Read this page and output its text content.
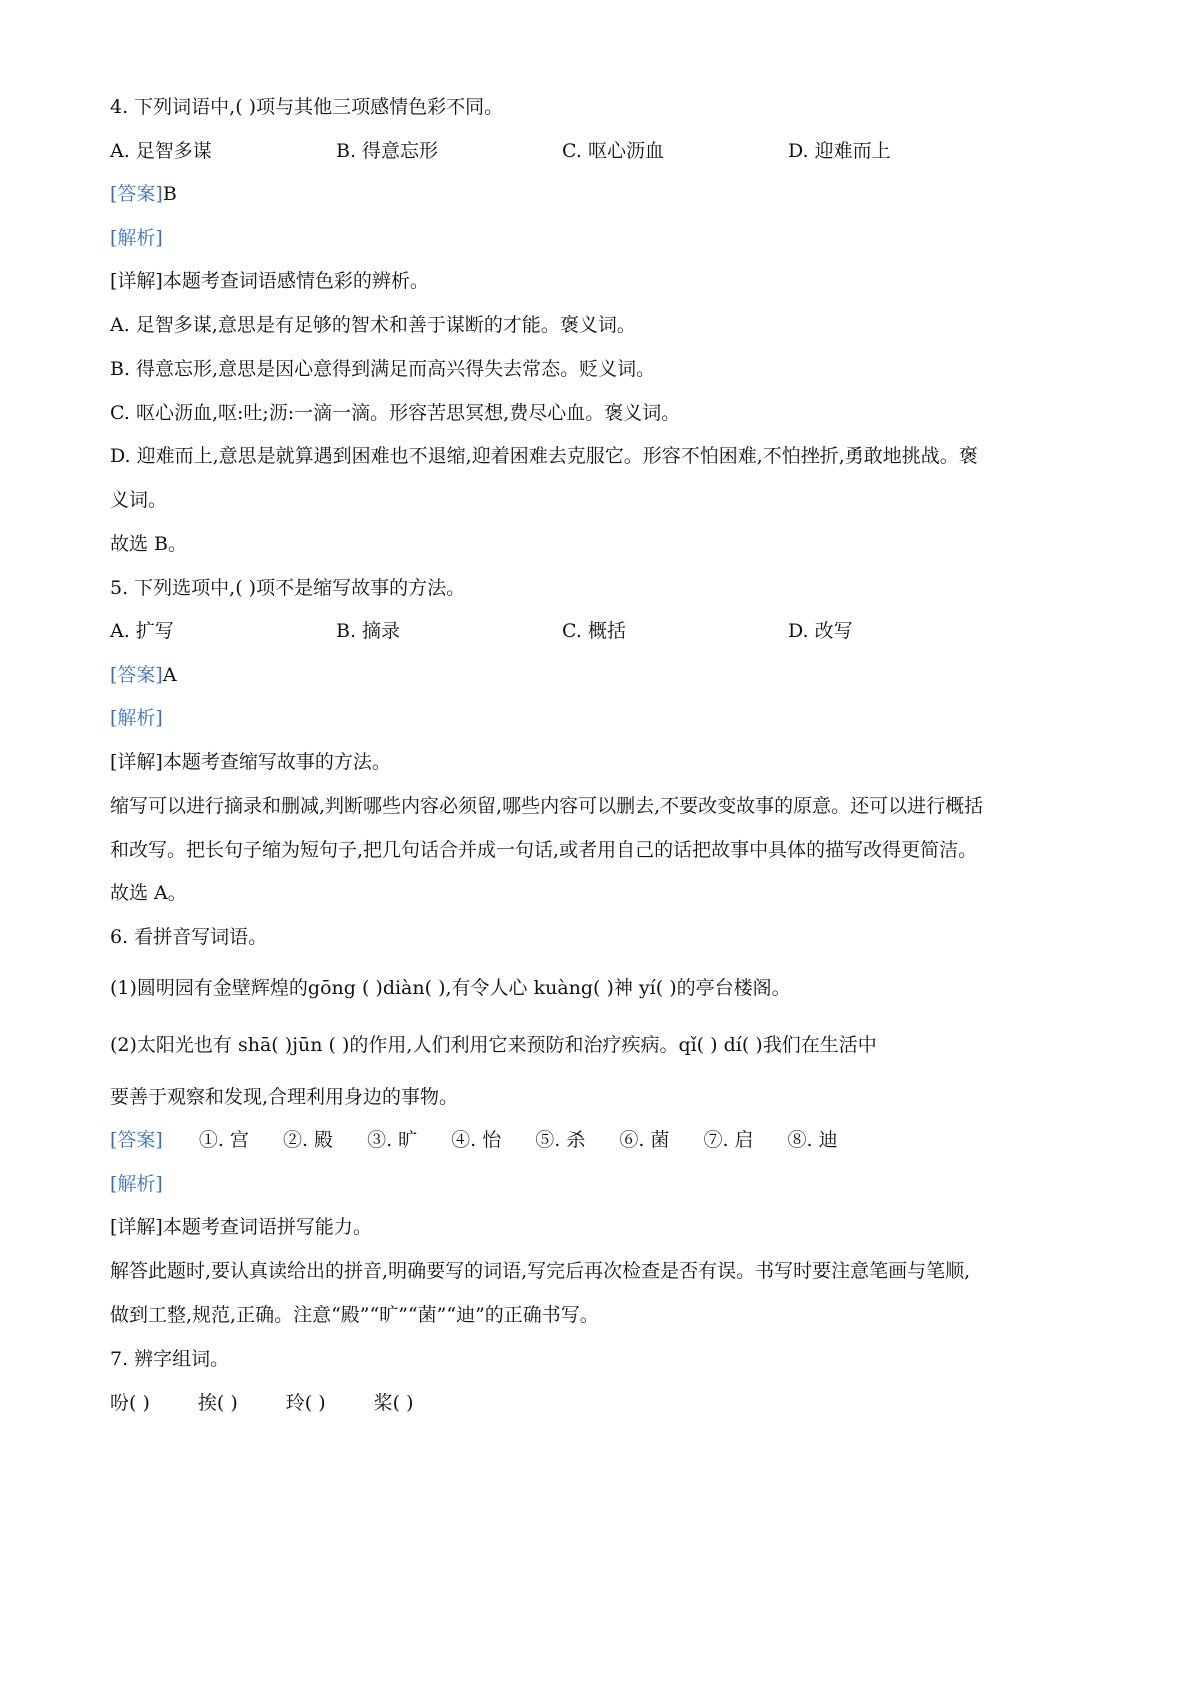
4. 下列词语中,( )项与其他三项感情色彩不同。
A. 足智多谋	B. 得意忘形	C. 呕心沥血	D. 迎难而上
[答案]B
[解析]
[详解]本题考查词语感情色彩的辨析。
A. 足智多谋,意思是有足够的智术和善于谋断的才能。褒义词。
B. 得意忘形,意思是因心意得到满足而高兴得失去常态。贬义词。
C. 呕心沥血,呕:吐;沥:一滴一滴。形容苦思冥想,费尽心血。褒义词。
D. 迎难而上,意思是就算遇到困难也不退缩,迎着困难去克服它。形容不怕困难,不怕挫折,勇敢地挑战。褒
义词。
故选 B。
5. 下列选项中,( )项不是缩写故事的方法。
A. 扩写	B. 摘录	C. 概括	D. 改写
[答案]A
[解析]
[详解]本题考查缩写故事的方法。
缩写可以进行摘录和删减,判断哪些内容必须留,哪些内容可以删去,不要改变故事的原意。还可以进行概括
和改写。把长句子缩为短句子,把几句话合并成一句话,或者用自己的话把故事中具体的描写改得更简洁。
故选 A。
6. 看拼音写词语。
(1)圆明园有金壁辉煌的gōng ( )diàn( ),有令人心 kuàng( )神 yí( )的亭台楼阁。
(2)太阳光也有 shā( )jūn ( )的作用,人们利用它来预防和治疗疾病。qǐ( ) dí( )我们在生活中
要善于观察和发现,合理利用身边的事物。
[答案] ①. 宫 ②. 殿 ③. 旷 ④. 怡 ⑤. 杀 ⑥. 菌 ⑦. 启 ⑧. 迪
[解析]
[详解]本题考查词语拼写能力。
解答此题时,要认真读给出的拼音,明确要写的词语,写完后再次检查是否有误。书写时要注意笔画与笔顺,
做到工整,规范,正确。注意“殿”“旷”“菌”“迪”的正确书写。
7. 辨字组词。
吩( )	挨( )	玲( )	桨( )
